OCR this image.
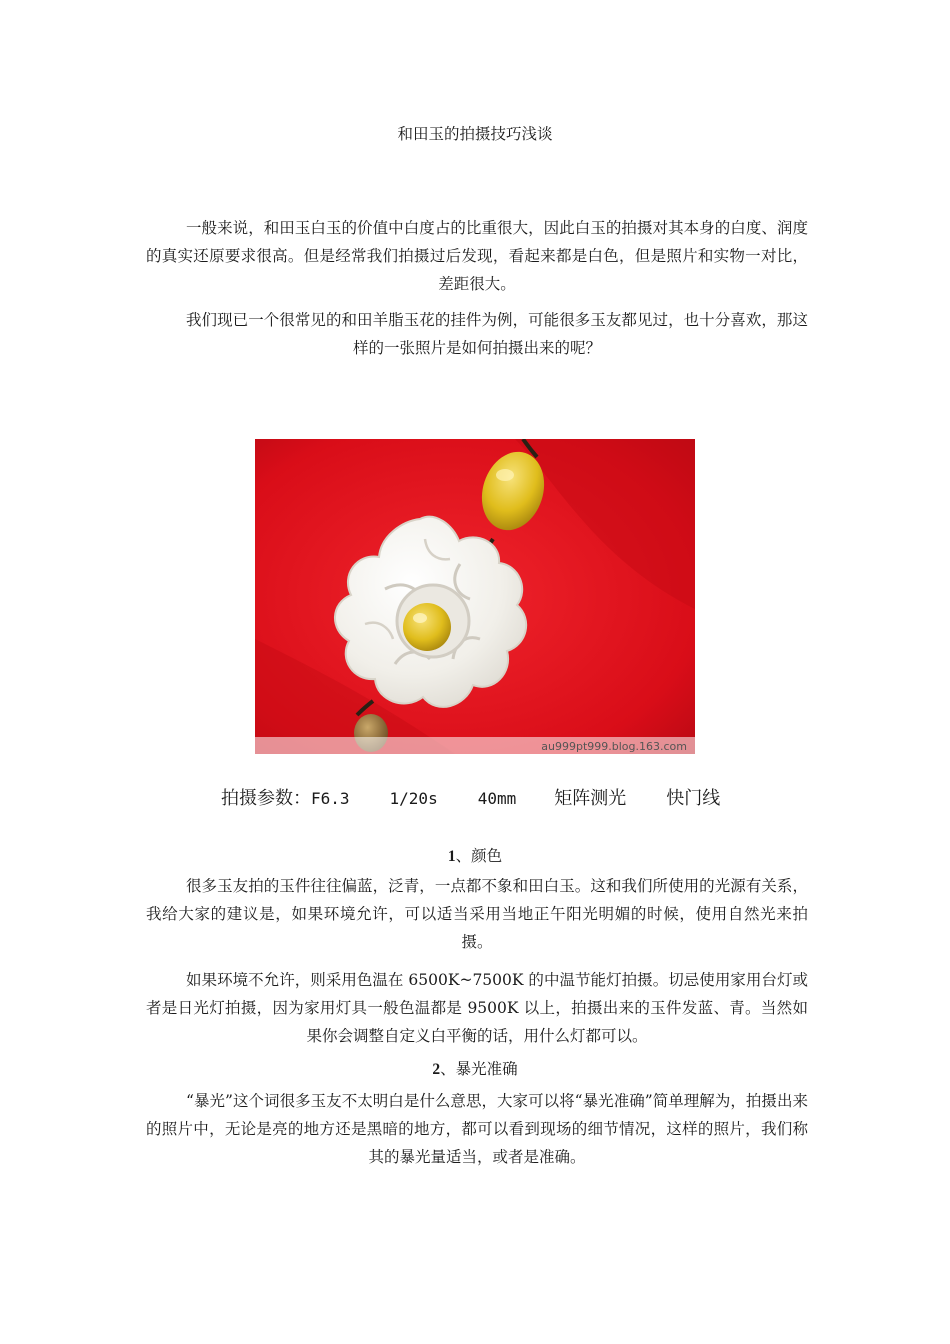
和田玉的拍摄技巧浅谈

一般来说，和田玉白玉的价值中白度占的比重很大，因此白玉的拍摄对其本身的白度、润度的真实还原要求很高。但是经常我们拍摄过后发现，看起来都是白色，但是照片和实物一对比，差距很大。

我们现已一个很常见的和田羊脂玉花的挂件为例，可能很多玉友都见过，也十分喜欢，那这样的一张照片是如何拍摄出来的呢？

au999pt999.blog.163.com
拍摄参数：F6.3	1/20s	40mm 矩阵测光 快门线
1、颜色

很多玉友拍的玉件往往偏蓝，泛青，一点都不象和田白玉。这和我们所使用的光源有关系，我给大家的建议是，如果环境允许，可以适当采用当地正午阳光明媚的时候，使用自然光来拍摄。

如果环境不允许，则采用色温在 6500K~7500K 的中温节能灯拍摄。切忌使用家用台灯或者是日光灯拍摄，因为家用灯具一般色温都是 9500K 以上，拍摄出来的玉件发蓝、青。当然如果你会调整自定义白平衡的话，用什么灯都可以。

2、暴光准确

“暴光”这个词很多玉友不太明白是什么意思，大家可以将“暴光准确”简单理解为，拍摄出来的照片中，无论是亮的地方还是黑暗的地方，都可以看到现场的细节情况，这样的照片，我们称其的暴光量适当，或者是准确。
